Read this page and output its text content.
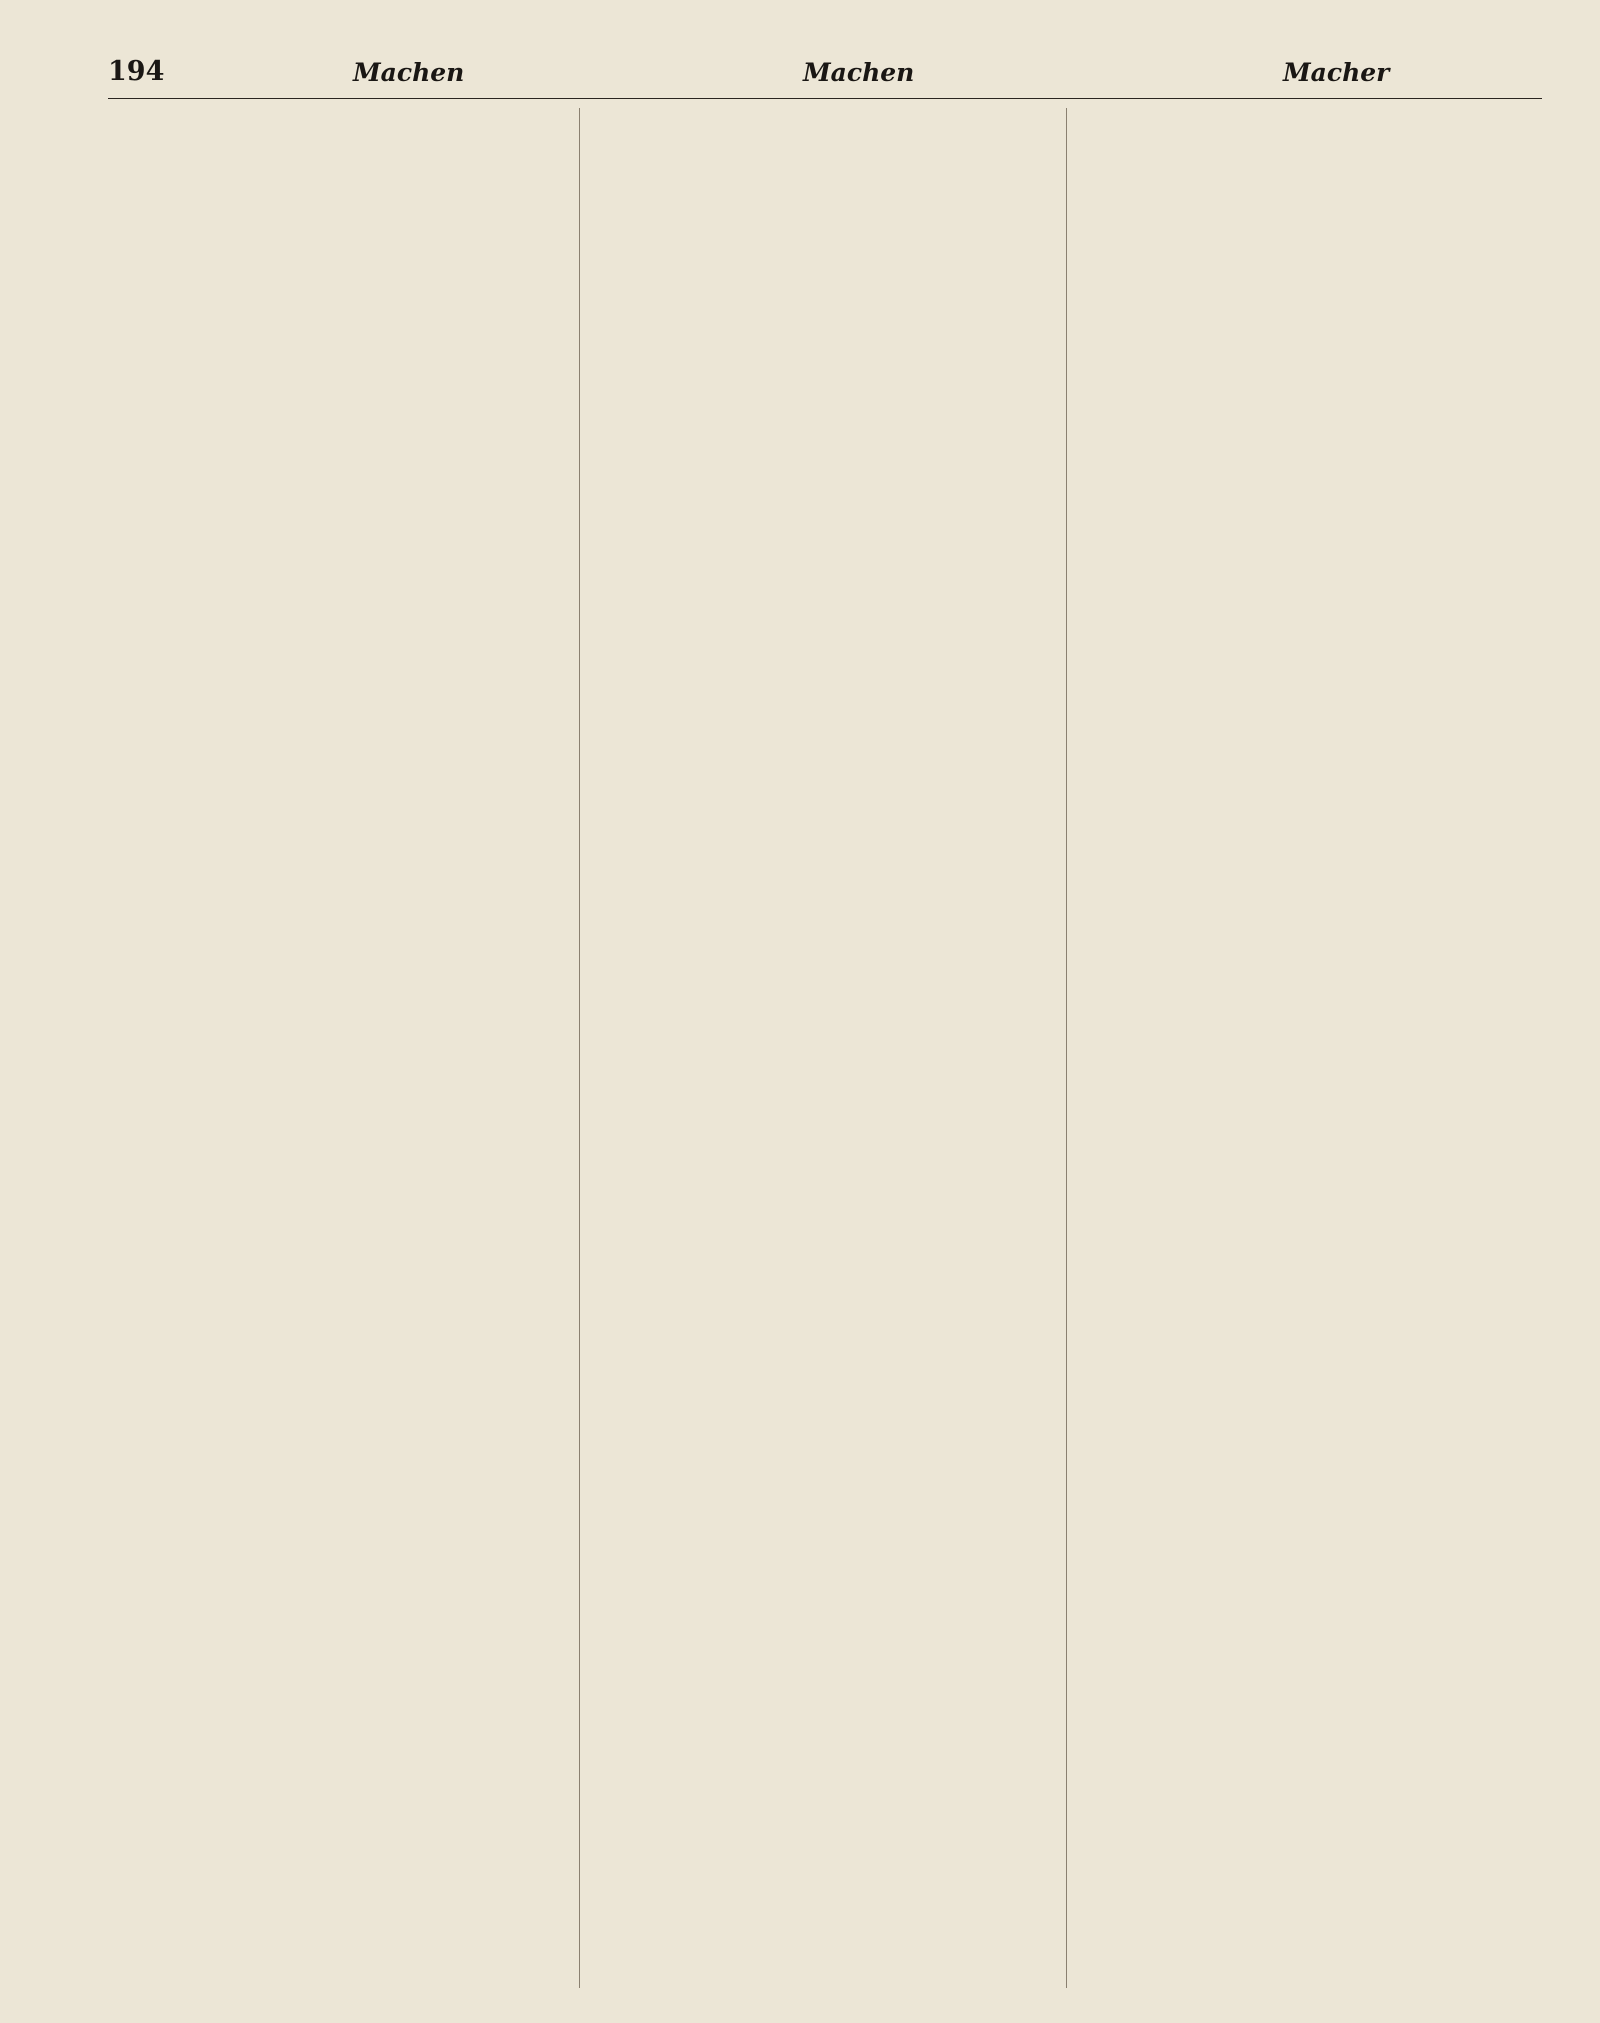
194	Machen	Machen	Macher
